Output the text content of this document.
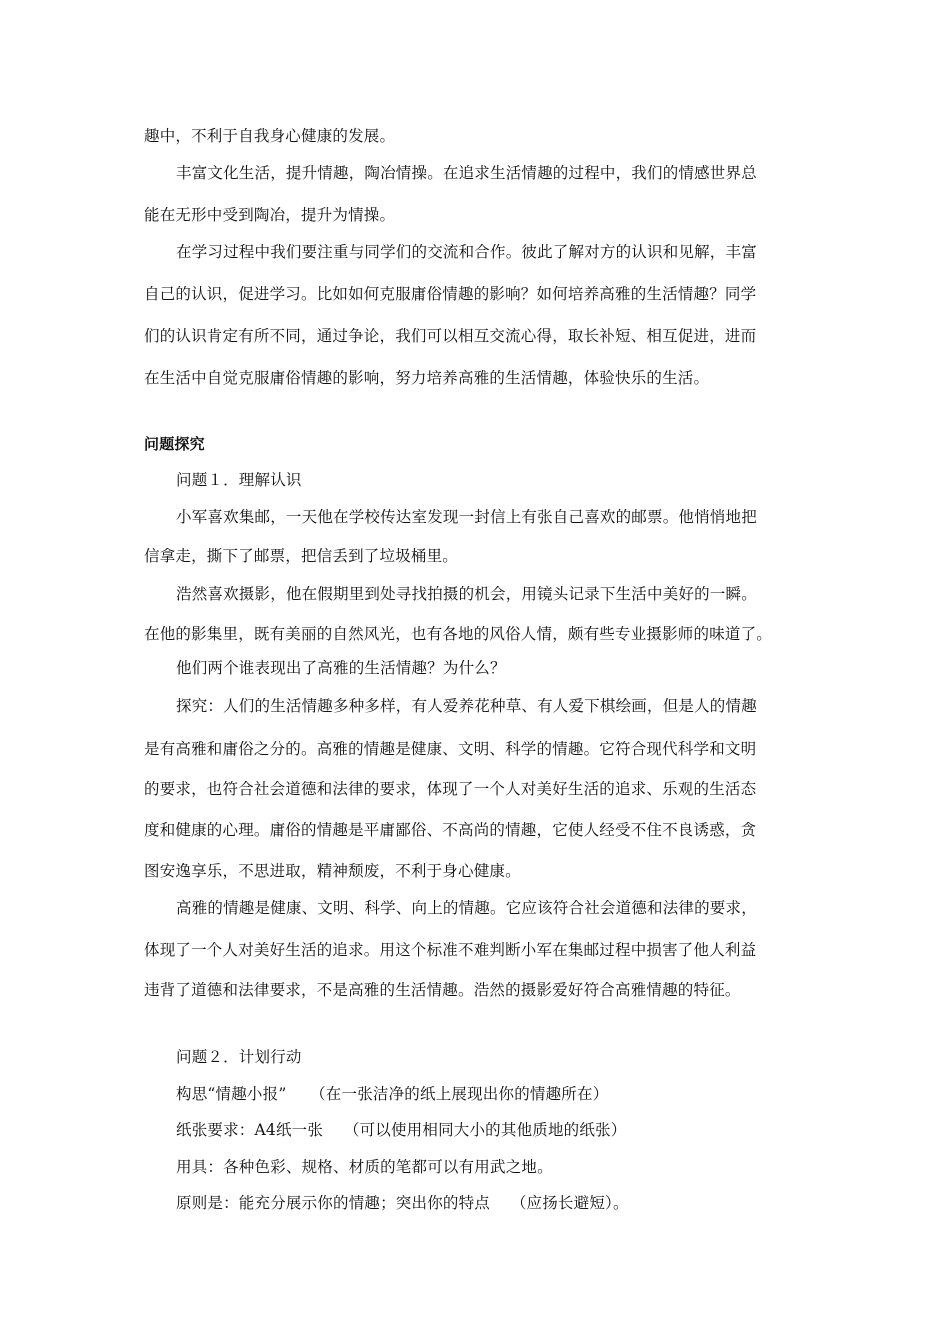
趣中，不利于自我身心健康的发展。
丰富文化生活，提升情趣，陶冶情操。在追求生活情趣的过程中，我们的情感世界总
能在无形中受到陶冶，提升为情操。
在学习过程中我们要注重与同学们的交流和合作。彼此了解对方的认识和见解，丰富
自己的认识，促进学习。比如如何克服庸俗情趣的影响？如何培养高雅的生活情趣？同学
们的认识肯定有所不同，通过争论，我们可以相互交流心得，取长补短、相互促进，进而
在生活中自觉克服庸俗情趣的影响，努力培养高雅的生活情趣，体验快乐的生活。
问题探究
问题１．理解认识
小军喜欢集邮，一天他在学校传达室发现一封信上有张自己喜欢的邮票。他悄悄地把
信拿走，撕下了邮票，把信丢到了垃圾桶里。
浩然喜欢摄影，他在假期里到处寻找拍摄的机会，用镜头记录下生活中美好的一瞬。
在他的影集里，既有美丽的自然风光，也有各地的风俗人情，颇有些专业摄影师的味道了。
他们两个谁表现出了高雅的生活情趣？为什么？
探究：人们的生活情趣多种多样，有人爱养花种草、有人爱下棋绘画，但是人的情趣
是有高雅和庸俗之分的。高雅的情趣是健康、文明、科学的情趣。它符合现代科学和文明
的要求，也符合社会道德和法律的要求，体现了一个人对美好生活的追求、乐观的生活态
度和健康的心理。庸俗的情趣是平庸鄙俗、不高尚的情趣，它使人经受不住不良诱惑，贪
图安逸享乐，不思进取，精神颓废，不利于身心健康。
高雅的情趣是健康、文明、科学、向上的情趣。它应该符合社会道德和法律的要求，
体现了一个人对美好生活的追求。用这个标准不难判断小军在集邮过程中损害了他人利益
违背了道德和法律要求，不是高雅的生活情趣。浩然的摄影爱好符合高雅情趣的特征。
问题２．计划行动
构思“情趣小报”　　（在一张洁净的纸上展现出你的情趣所在）
纸张要求：A4纸一张　 （可以使用相同大小的其他质地的纸张）
用具：各种色彩、规格、材质的笔都可以有用武之地。
原则是：能充分展示你的情趣；突出你的特点　 （应扬长避短）。
